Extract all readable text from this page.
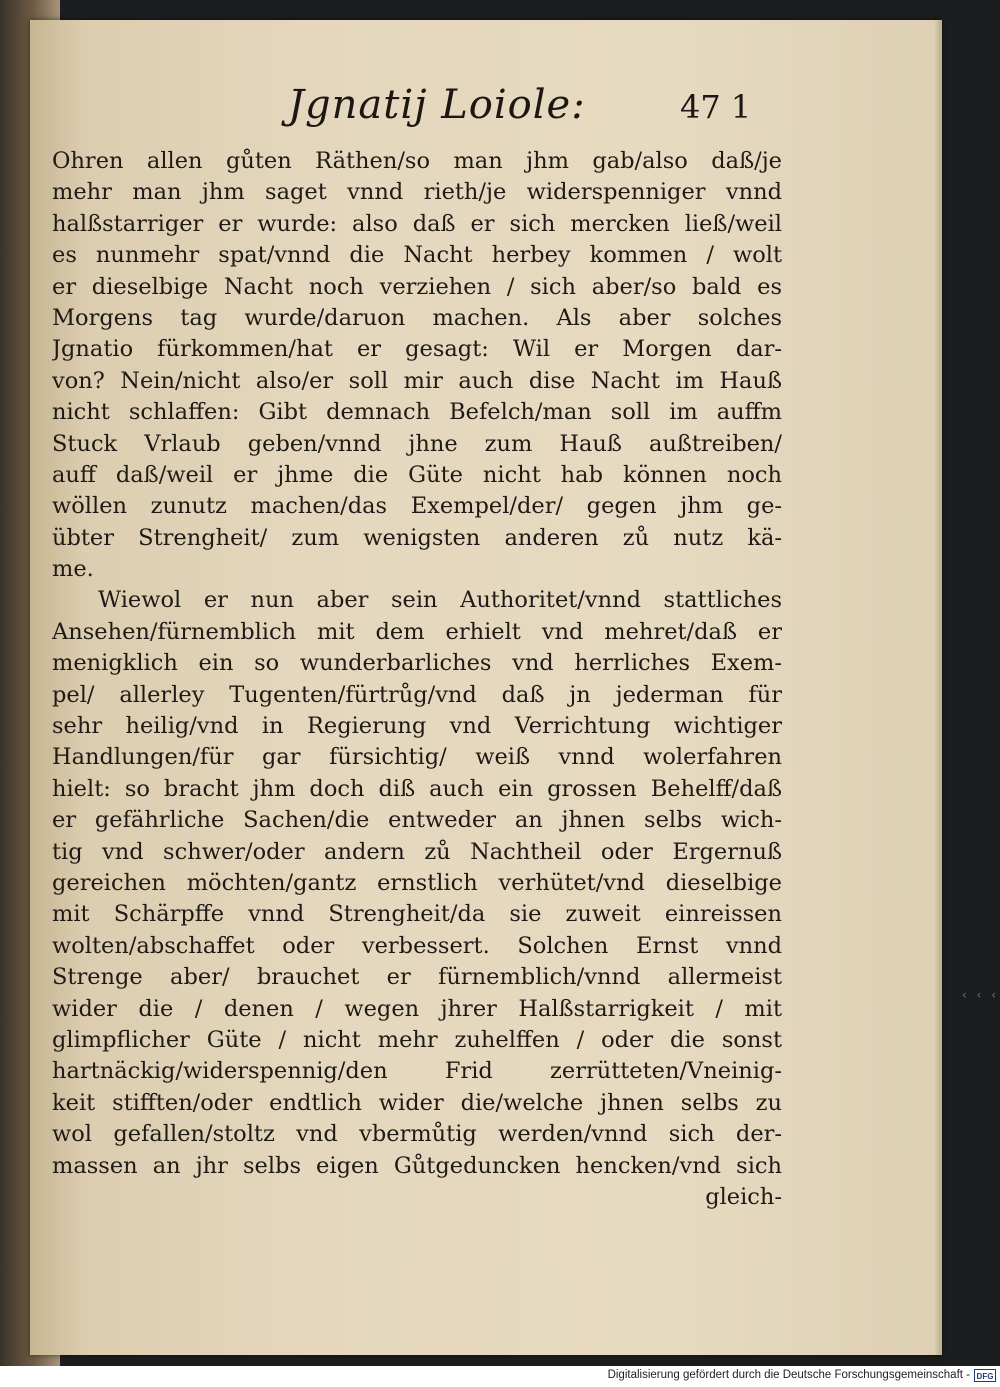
Jgnatij Loiole:	47 1
Ohren allen gůten Räthen/so man jhm gab/also daß/je
mehr man jhm saget vnnd rieth/je widerspenniger vnnd
halßstarriger er wurde: also daß er sich mercken ließ/weil
es nunmehr spat/vnnd die Nacht herbey kommen / wolt
er dieselbige Nacht noch verziehen / sich aber/so bald es
Morgens tag wurde/daruon machen. Als aber solches
Jgnatio fürkommen/hat er gesagt: Wil er Morgen dar-
von? Nein/nicht also/er soll mir auch dise Nacht im Hauß
nicht schlaffen: Gibt demnach Befelch/man soll im auffm
Stuck Vrlaub geben/vnnd jhne zum Hauß außtreiben/
auff daß/weil er jhme die Güte nicht hab können noch
wöllen zunutz machen/das Exempel/der/ gegen jhm ge-
übter Strengheit/ zum wenigsten anderen zů nutz kä-
me.
Wiewol er nun aber sein Authoritet/vnnd stattliches
Ansehen/fürnemblich mit dem erhielt vnd mehret/daß er
menigklich ein so wunderbarliches vnd herrliches Exem-
pel/ allerley Tugenten/fürtrůg/vnd daß jn jederman für
sehr heilig/vnd in Regierung vnd Verrichtung wichtiger
Handlungen/für gar fürsichtig/ weiß vnnd wolerfahren
hielt: so bracht jhm doch diß auch ein grossen Behelff/daß
er gefährliche Sachen/die entweder an jhnen selbs wich-
tig vnd schwer/oder andern zů Nachtheil oder Ergernuß
gereichen möchten/gantz ernstlich verhütet/vnd dieselbige
mit Schärpffe vnnd Strengheit/da sie zuweit einreissen
wolten/abschaffet oder verbessert. Solchen Ernst vnnd
Strenge aber/ brauchet er fürnemblich/vnnd allermeist
wider die / denen / wegen jhrer Halßstarrigkeit / mit
glimpflicher Güte / nicht mehr zuhelffen / oder die sonst
hartnäckig/widerspennig/den Frid zerrütteten/Vneinig-
keit stifften/oder endtlich wider die/welche jhnen selbs zu
wol gefallen/stoltz vnd vbermůtig werden/vnnd sich der-
massen an jhr selbs eigen Gůtgeduncken hencken/vnd sich
gleich-
‹ ‹ ‹
Digitalisierung gefördert durch die Deutsche Forschungsgemeinschaft - DFG
